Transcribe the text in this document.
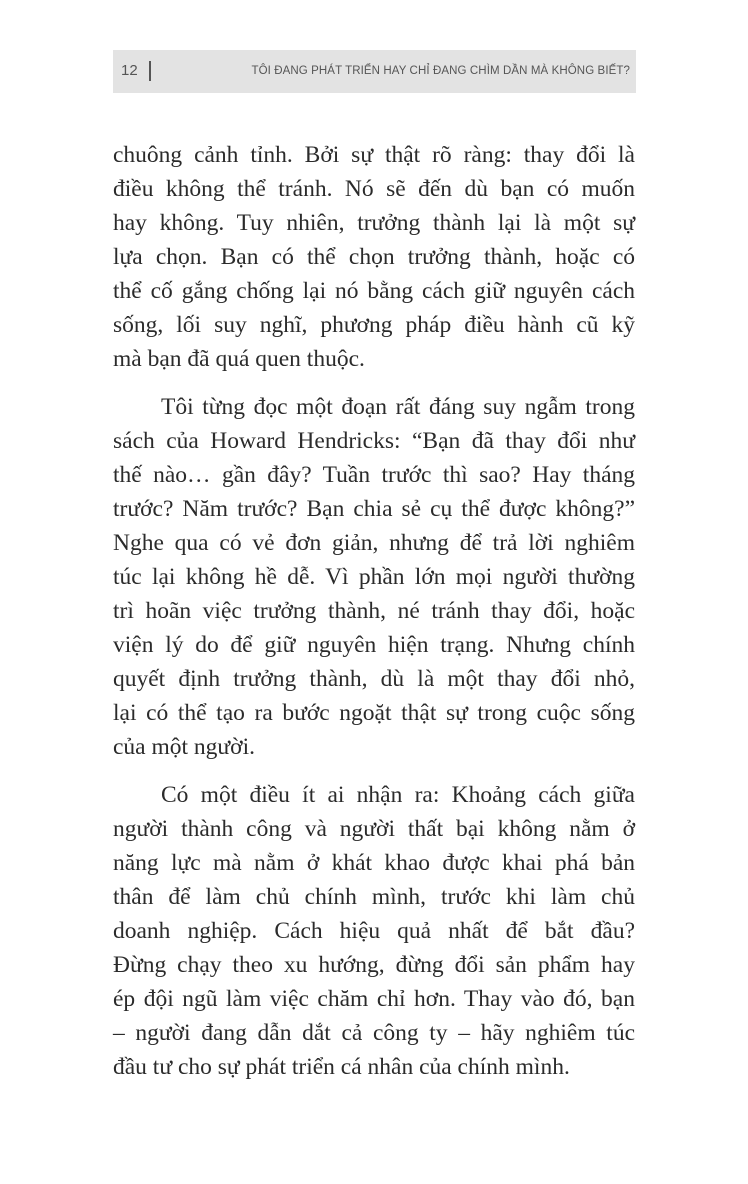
12	TÔI ĐANG PHÁT TRIỂN HAY CHỈ ĐANG CHÌM DẦN MÀ KHÔNG BIẾT?

chuông cảnh tỉnh. Bởi sự thật rõ ràng: thay đổi là
điều không thể tránh. Nó sẽ đến dù bạn có muốn
hay không. Tuy nhiên, trưởng thành lại là một sự
lựa chọn. Bạn có thể chọn trưởng thành, hoặc có
thể cố gắng chống lại nó bằng cách giữ nguyên cách
sống, lối suy nghĩ, phương pháp điều hành cũ kỹ
mà bạn đã quá quen thuộc.

Tôi từng đọc một đoạn rất đáng suy ngẫm trong
sách của Howard Hendricks: “Bạn đã thay đổi như
thế nào… gần đây? Tuần trước thì sao? Hay tháng
trước? Năm trước? Bạn chia sẻ cụ thể được không?”
Nghe qua có vẻ đơn giản, nhưng để trả lời nghiêm
túc lại không hề dễ. Vì phần lớn mọi người thường
trì hoãn việc trưởng thành, né tránh thay đổi, hoặc
viện lý do để giữ nguyên hiện trạng. Nhưng chính
quyết định trưởng thành, dù là một thay đổi nhỏ,
lại có thể tạo ra bước ngoặt thật sự trong cuộc sống
của một người.

Có một điều ít ai nhận ra: Khoảng cách giữa
người thành công và người thất bại không nằm ở
năng lực mà nằm ở khát khao được khai phá bản
thân để làm chủ chính mình, trước khi làm chủ
doanh nghiệp. Cách hiệu quả nhất để bắt đầu?
Đừng chạy theo xu hướng, đừng đổi sản phẩm hay
ép đội ngũ làm việc chăm chỉ hơn. Thay vào đó, bạn
– người đang dẫn dắt cả công ty – hãy nghiêm túc
đầu tư cho sự phát triển cá nhân của chính mình.
